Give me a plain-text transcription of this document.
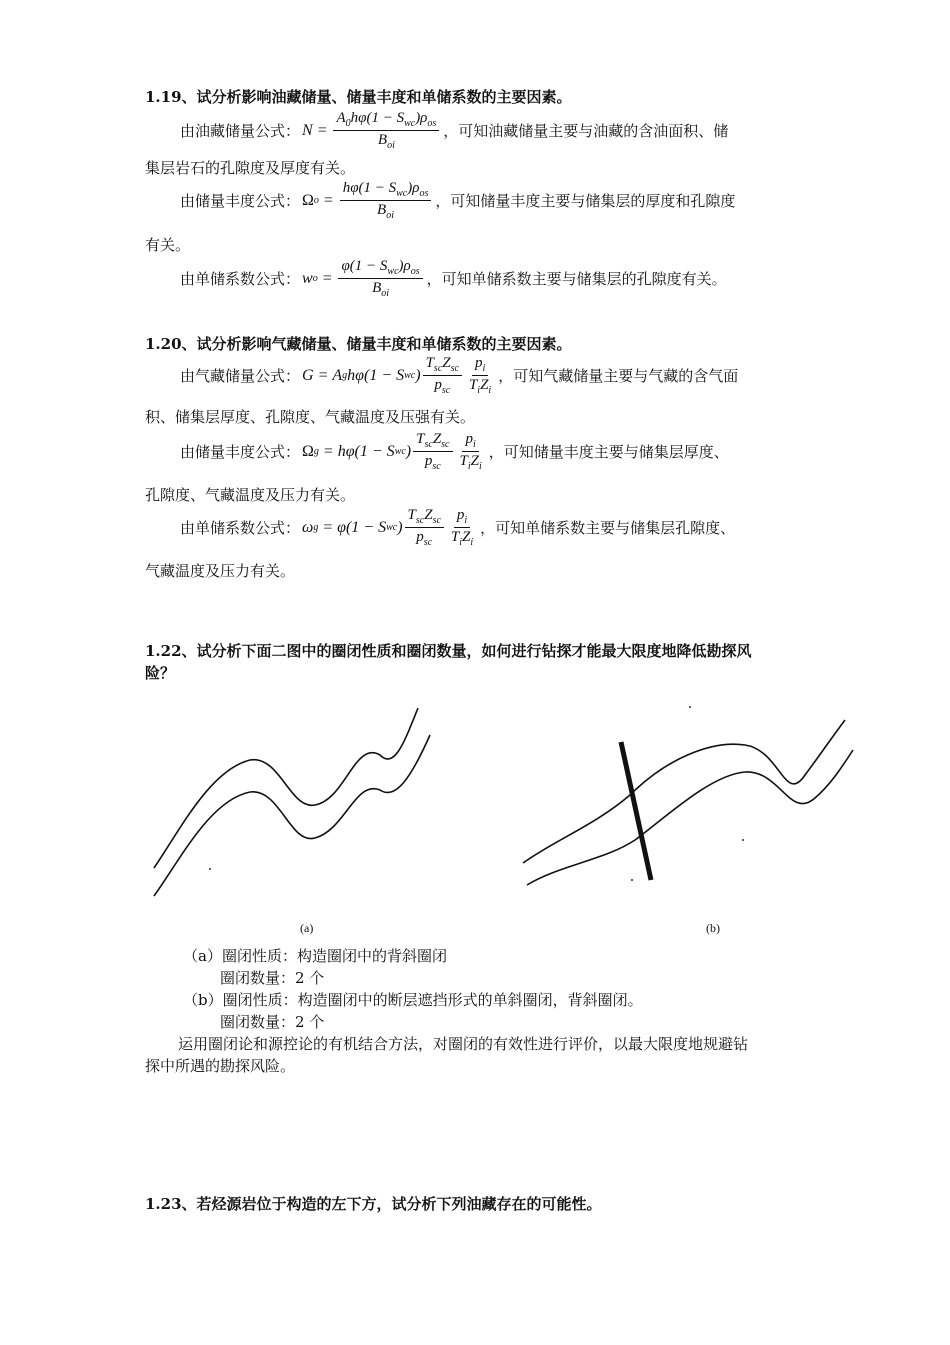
1.19、试分析影响油藏储量、储量丰度和单储系数的主要因素。
由油藏储量公式： $N = \frac{A_0h\varphi(1 - S_{wc})\rho_{os}}{B_{oi}}$ ，可知油藏储量主要与油藏的含油面积、储
集层岩石的孔隙度及厚度有关。
由储量丰度公式： Ω $o = \frac{h\varphi(1 - S_{wc})\rho_{os}}{B_{oi}}$ ，可知储量丰度主要与储集层的厚度和孔隙度
有关。
由单储系数公式： w $o = \frac{\varphi(1 - S_{wc})\rho_{os}}{B_{oi}}$ ，可知单储系数主要与储集层的孔隙度有关。
1.20、试分析影响气藏储量、储量丰度和单储系数的主要因素。
由气藏储量公式： G = A g hφ(1 − S wc ) $\frac{T_{sc}Z_{sc}}{p_{sc}} \frac{p_i}{T_iZ_i}$ ，可知气藏储量主要与气藏的含气面
积、储集层厚度、孔隙度、气藏温度及压强有关。
由储量丰度公式： Ω g = hφ(1 − S wc ) $\frac{T_{sc}Z_{sc}}{p_{sc}} \frac{p_i}{T_iZ_i}$ ，可知储量丰度主要与储集层厚度、
孔隙度、气藏温度及压力有关。
由单储系数公式： ω g = φ(1 − S wc ) $\frac{T_{sc}Z_{sc}}{p_{sc}} \frac{p_i}{T_iZ_i}$ ，可知单储系数主要与储集层孔隙度、
气藏温度及压力有关。
1.22、试分析下面二图中的圈闭性质和圈闭数量，如何进行钻探才能最大限度地降低勘探风
险？
(a)	(b)
（a）圈闭性质：构造圈闭中的背斜圈闭
圈闭数量：2 个
（b）圈闭性质：构造圈闭中的断层遮挡形式的单斜圈闭，背斜圈闭。
圈闭数量：2 个
运用圈闭论和源控论的有机结合方法，对圈闭的有效性进行评价，以最大限度地规避钻
探中所遇的勘探风险。
1.23、若烃源岩位于构造的左下方，试分析下列油藏存在的可能性。
